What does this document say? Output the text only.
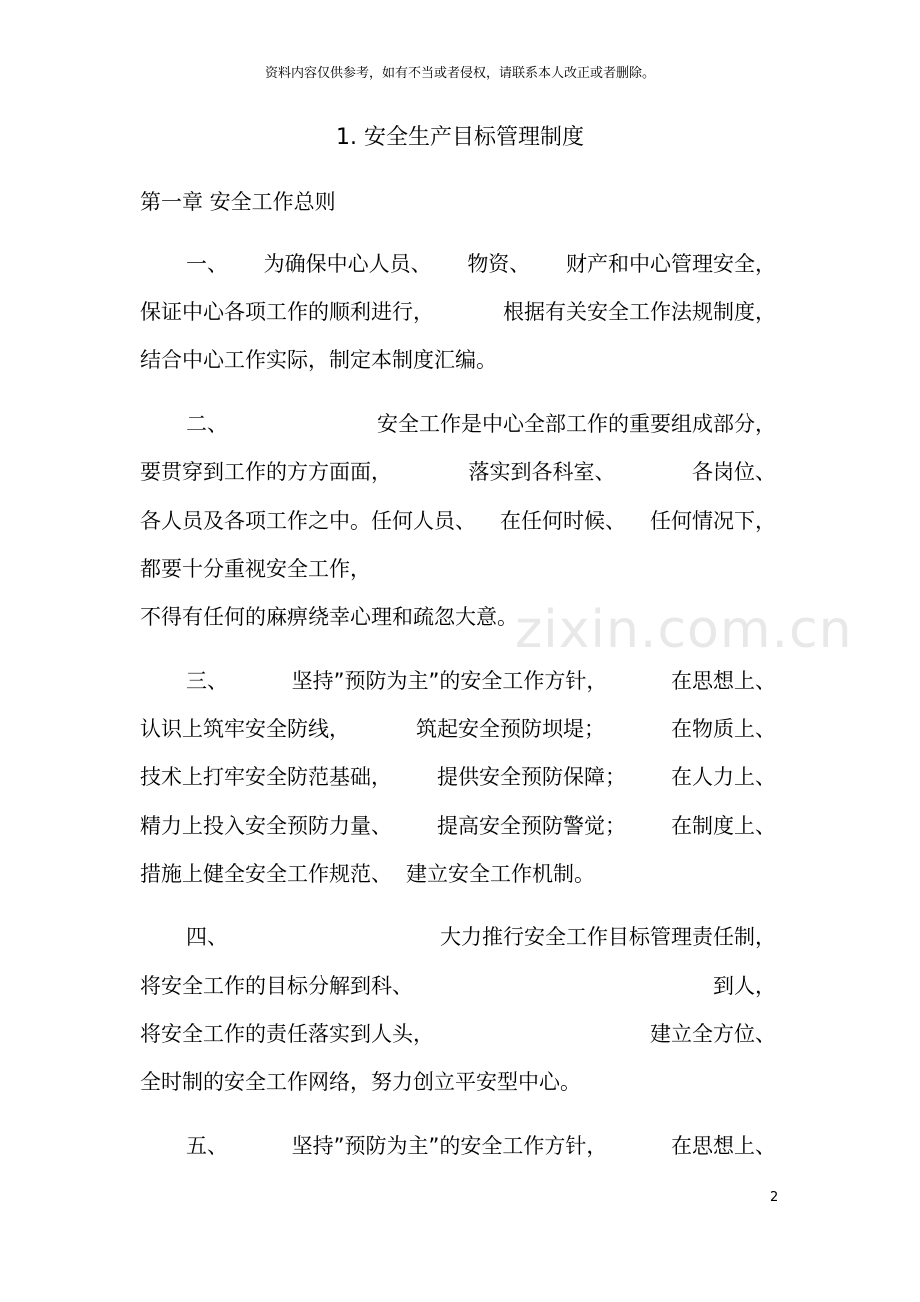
资料内容仅供参考，如有不当或者侵权，请联系本人改正或者删除。
1. 安全生产目标管理制度
第一章 安全工作总则
一、 为确保中心人员、 物资、 财产和中心管理安全，
保证中心各项工作的顺利进行，	根据有关安全工作法规制度，
结合中心工作实际，制定本制度汇编。
二、	安全工作是中心全部工作的重要组成部分，
要贯穿到工作的方方面面，	落实到各科室、	各岗位、
各人员及各项工作之中。任何人员、 在任何时候、 任何情况下，
都要十分重视安全工作，
不得有任何的麻痹绕幸心理和疏忽大意。
三、	坚持”预防为主”的安全工作方针，	在思想上、
认识上筑牢安全防线，	筑起安全预防坝堤；	在物质上、
技术上打牢安全防范基础， 提供安全预防保障； 在人力上、
精力上投入安全预防力量、 提高安全预防警觉； 在制度上、
措施上健全安全工作规范、 建立安全工作机制。
四、	大力推行安全工作目标管理责任制，
将安全工作的目标分解到科、	到人，
将安全工作的责任落实到人头，	建立全方位、
全时制的安全工作网络，努力创立平安型中心。
五、	坚持”预防为主”的安全工作方针，	在思想上、
zixin.com.cn
2
